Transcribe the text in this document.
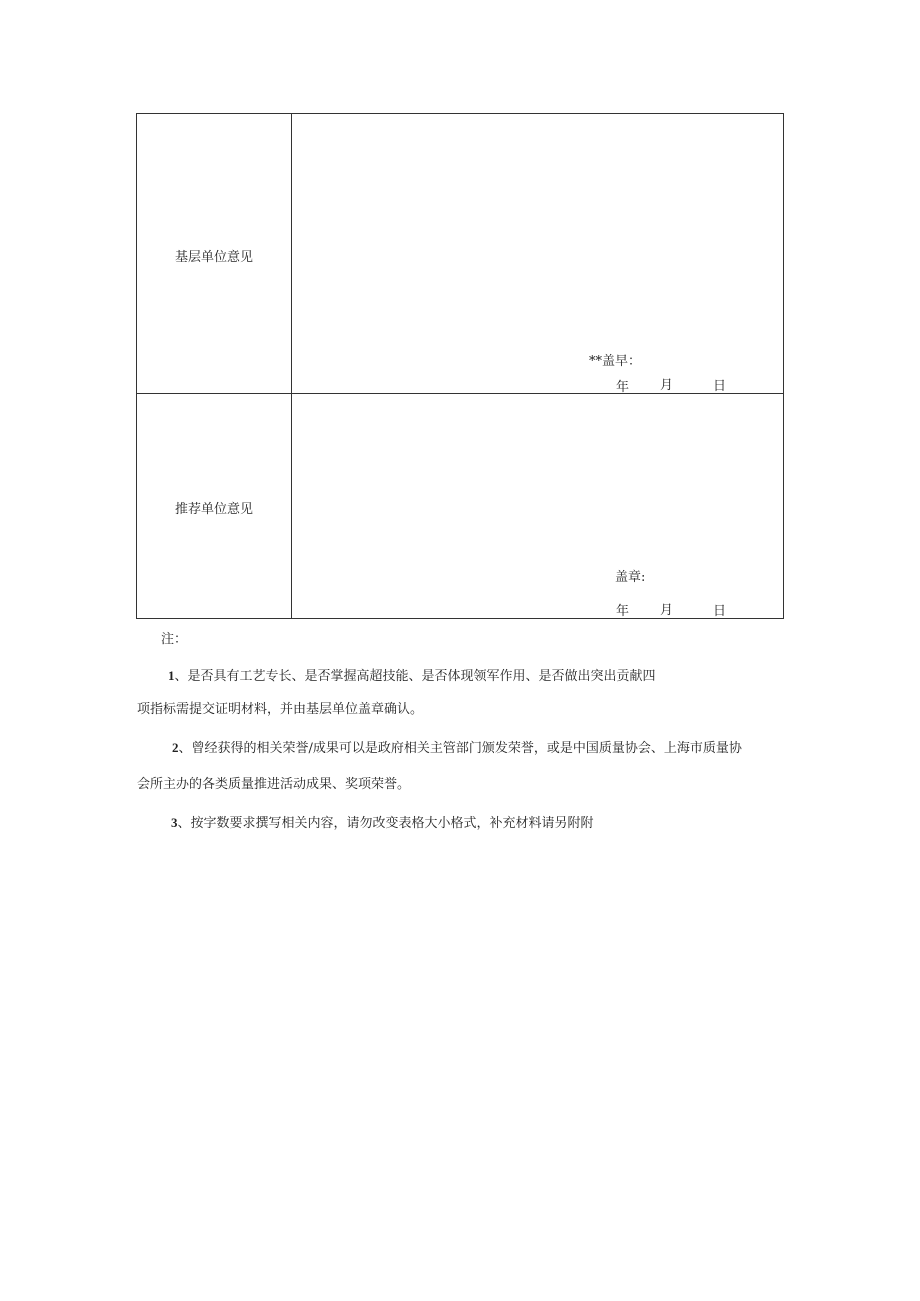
基层单位意见
**盖早：
年 月	日
推荐单位意见
盖章:
年 月	日
注：
1、是否具有工艺专长、是否掌握高超技能、是否体现领军作用、是否做出突出贡献四
项指标需提交证明材料，并由基层单位盖章确认。
2、曾经获得的相关荣誉/成果可以是政府相关主管部门颁发荣誉，或是中国质量协会、上海市质量协
会所主办的各类质量推进活动成果、奖项荣誉。
3、按字数要求撰写相关内容，请勿改变表格大小格式，补充材料请另附附
